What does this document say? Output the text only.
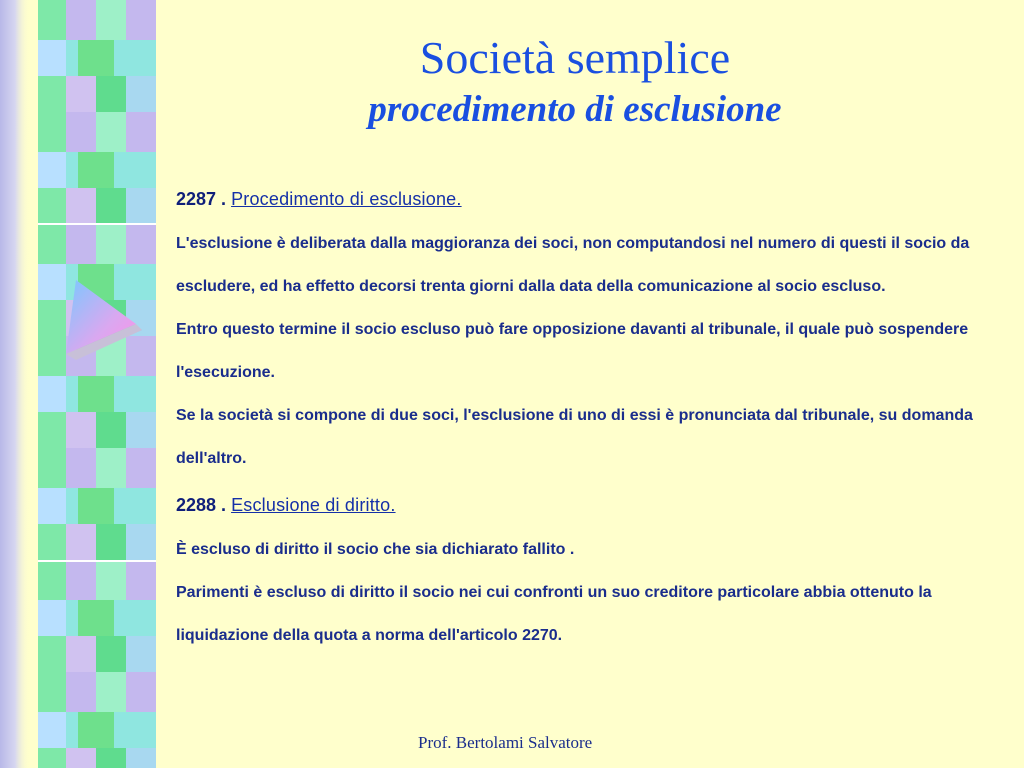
Società semplice
procedimento di esclusione

2287 . Procedimento di esclusione.

L'esclusione è deliberata dalla maggioranza dei soci, non computandosi nel numero di questi il socio da escludere, ed ha effetto decorsi trenta giorni dalla data della comunicazione al socio escluso.

Entro questo termine il socio escluso può fare opposizione davanti al tribunale, il quale può sospendere l'esecuzione.

Se la società si compone di due soci, l'esclusione di uno di essi è pronunciata dal tribunale, su domanda dell'altro.

2288 . Esclusione di diritto.

È escluso di diritto il socio che sia dichiarato fallito .

Parimenti è escluso di diritto il socio nei cui confronti un suo creditore particolare abbia ottenuto la liquidazione della quota a norma dell'articolo 2270.

Prof. Bertolami Salvatore
